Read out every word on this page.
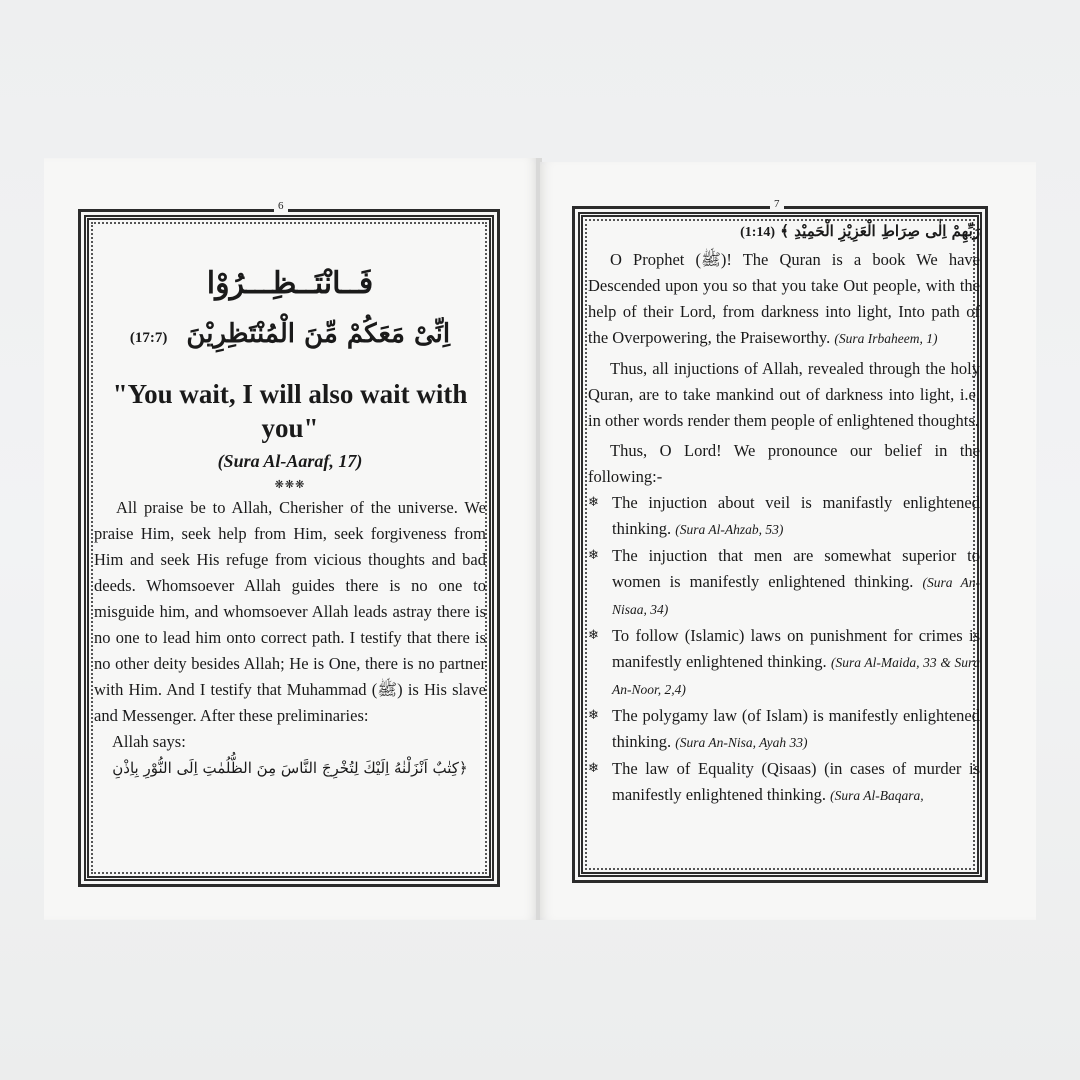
6
فَــانْتَــظِـــرُوْا
اِنِّیْ مَعَكُمْ مِّنَ الْمُنْتَظِرِيْنَ (17:7)
"You wait, I will also wait with you"
(Sura Al-Aaraf, 17)
❋❋❋

All praise be to Allah, Cherisher of the universe. We praise Him, seek help from Him, seek forgiveness from Him and seek His refuge from vicious thoughts and bad deeds. Whomsoever Allah guides there is no one to misguide him, and whomsoever Allah leads astray there is no one to lead him onto correct path. I testify that there is no other deity besides Allah; He is One, there is no partner with Him. And I testify that Muhammad (ﷺ) is His slave and Messenger. After these preliminaries:

Allah says:
﴿كِتٰبٌ اَنْزَلْنٰهُ اِلَيْكَ لِتُخْرِجَ النَّاسَ مِنَ الظُّلُمٰتِ اِلَى النُّوْرِ بِاِذْنِ
7
رَبِّهِمْ اِلٰى صِرَاطِ الْعَزِيْزِ الْحَمِيْدِ ﴾ (1:14)

O Prophet (ﷺ)! The Quran is a book We have Descended upon you so that you take Out people, with the help of their Lord, from darkness into light, Into path of the Overpowering, the Praiseworthy. (Sura Irbaheem, 1)

Thus, all injuctions of Allah, revealed through the holy Quran, are to take mankind out of darkness into light, i.e. in other words render them people of enlightened thoughts.

Thus, O Lord! We pronounce our belief in the following:-

❄ The injuction about veil is manifastly enlightened thinking. (Sura Al-Ahzab, 53)
❄ The injuction that men are somewhat superior to women is manifestly enlightened thinking. (Sura An-Nisaa, 34)
❄ To follow (Islamic) laws on punishment for crimes is manifestly enlightened thinking. (Sura Al-Maida, 33 & Sura An-Noor, 2,4)
❄ The polygamy law (of Islam) is manifestly enlightened thinking. (Sura An-Nisa, Ayah 33)
❄ The law of Equality (Qisaas) (in cases of murder is manifestly enlightened thinking. (Sura Al-Baqara,
